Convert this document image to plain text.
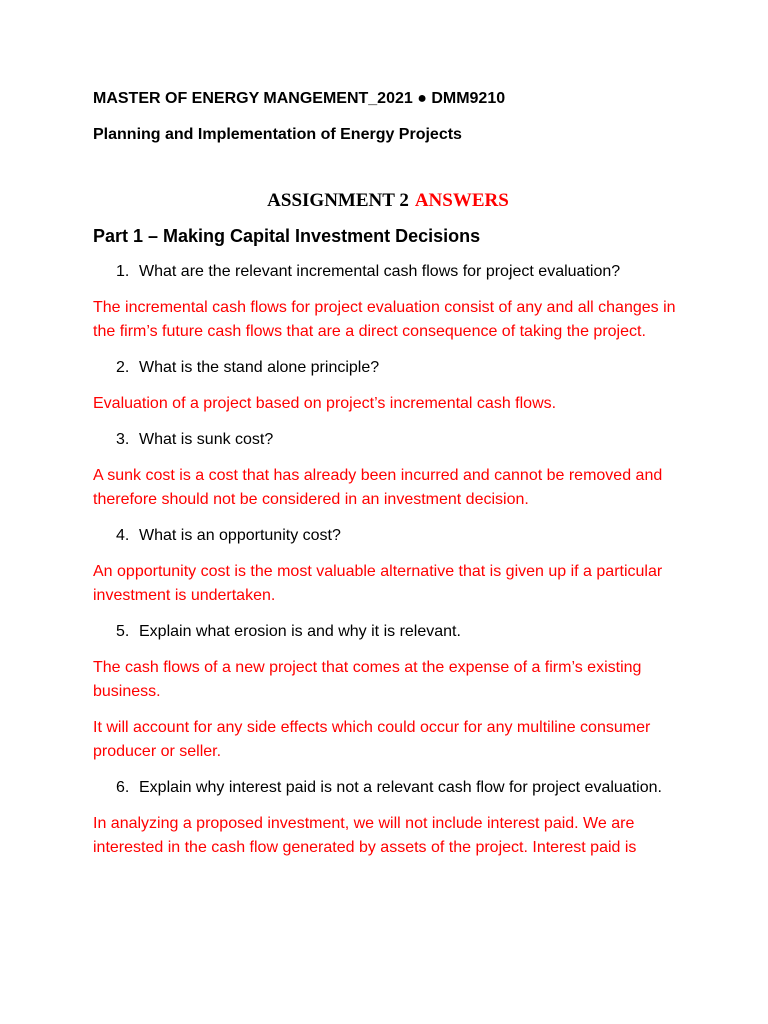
MASTER OF ENERGY MANGEMENT_2021 ● DMM9210

Planning and Implementation of Energy Projects

ASSIGNMENT 2 ANSWERS
Part 1 – Making Capital Investment Decisions
1. What are the relevant incremental cash flows for project evaluation?
The incremental cash flows for project evaluation consist of any and all changes in the firm’s future cash flows that are a direct consequence of taking the project.
2. What is the stand alone principle?
Evaluation of a project based on project’s incremental cash flows.
3. What is sunk cost?
A sunk cost is a cost that has already been incurred and cannot be removed and therefore should not be considered in an investment decision.
4. What is an opportunity cost?
An opportunity cost is the most valuable alternative that is given up if a particular investment is undertaken.
5. Explain what erosion is and why it is relevant.
The cash flows of a new project that comes at the expense of a firm’s existing business.
It will account for any side effects which could occur for any multiline consumer producer or seller.
6. Explain why interest paid is not a relevant cash flow for project evaluation.
In analyzing a proposed investment, we will not include interest paid. We are interested in the cash flow generated by assets of the project. Interest paid is
